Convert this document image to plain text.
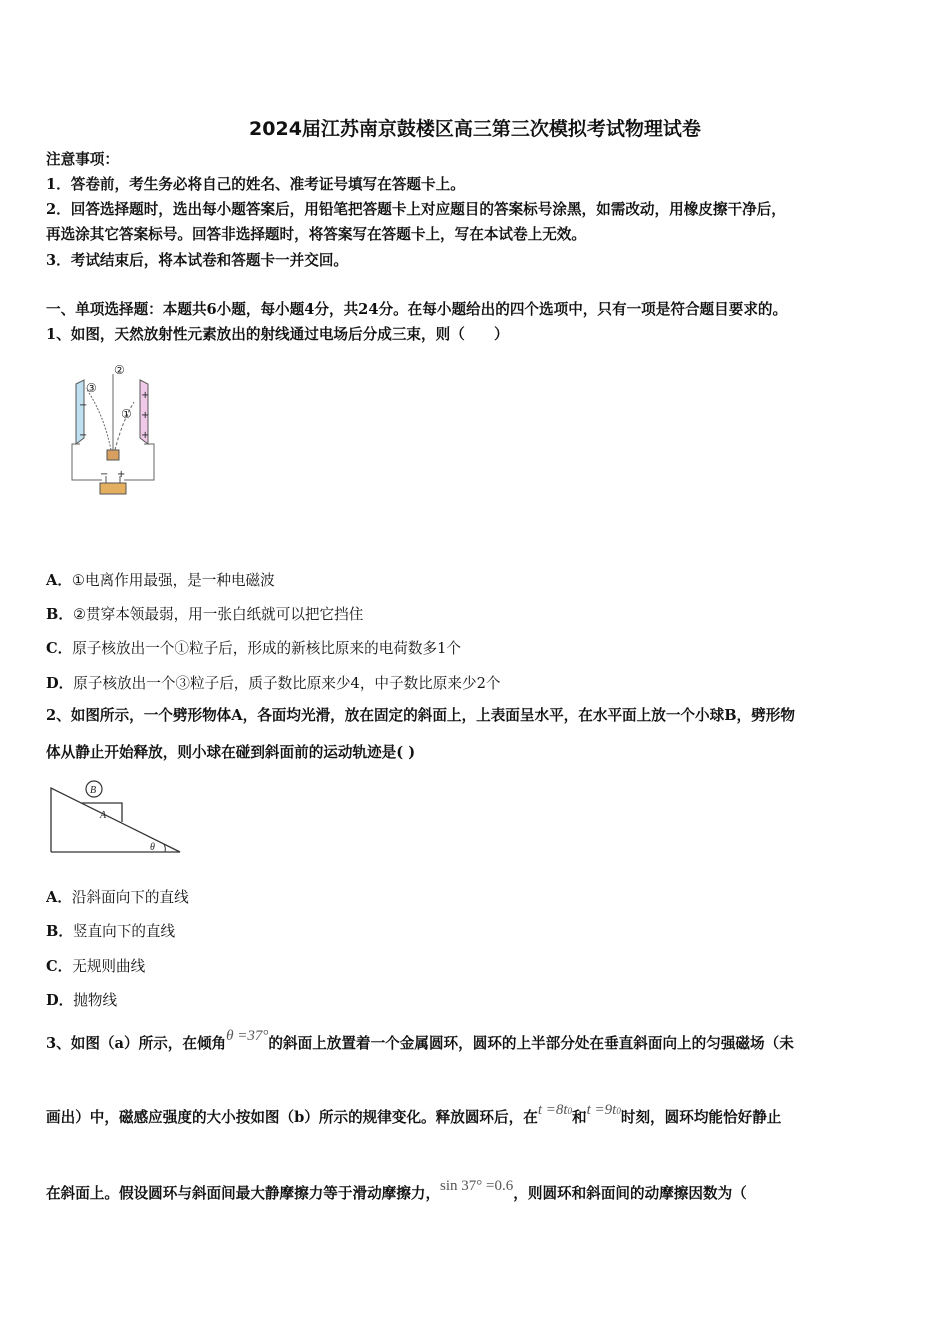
2024届江苏南京鼓楼区高三第三次模拟考试物理试卷
注意事项：
1．答卷前，考生务必将自己的姓名、准考证号填写在答题卡上。
2．回答选择题时，选出每小题答案后，用铅笔把答题卡上对应题目的答案标号涂黑，如需改动，用橡皮擦干净后，
再选涂其它答案标号。回答非选择题时，将答案写在答题卡上，写在本试卷上无效。
3．考试结束后，将本试卷和答题卡一并交回。
一、单项选择题：本题共6小题，每小题4分，共24分。在每小题给出的四个选项中，只有一项是符合题目要求的。
1、如图，天然放射性元素放出的射线通过电场后分成三束，则（　　）
−
−
+
+
+
− +
③
②
①
A．①电离作用最强，是一种电磁波
B．②贯穿本领最弱，用一张白纸就可以把它挡住
C．原子核放出一个①粒子后，形成的新核比原来的电荷数多1个
D．原子核放出一个③粒子后，质子数比原来少4，中子数比原来少2个
2、如图所示，一个劈形物体A，各面均光滑，放在固定的斜面上，上表面呈水平，在水平面上放一个小球B，劈形物
体从静止开始释放，则小球在碰到斜面前的运动轨迹是( )
B
A
θ
A．沿斜面向下的直线
B．竖直向下的直线
C．无规则曲线
D．抛物线
3、如图（a）所示，在倾角θ =37°的斜面上放置着一个金属圆环，圆环的上半部分处在垂直斜面向上的匀强磁场（未
画出）中，磁感应强度的大小按如图（b）所示的规律变化。释放圆环后，在t =8t0和t =9t0时刻，圆环均能恰好静止
在斜面上。假设圆环与斜面间最大静摩擦力等于滑动摩擦力，sin 37° =0.6，则圆环和斜面间的动摩擦因数为（
